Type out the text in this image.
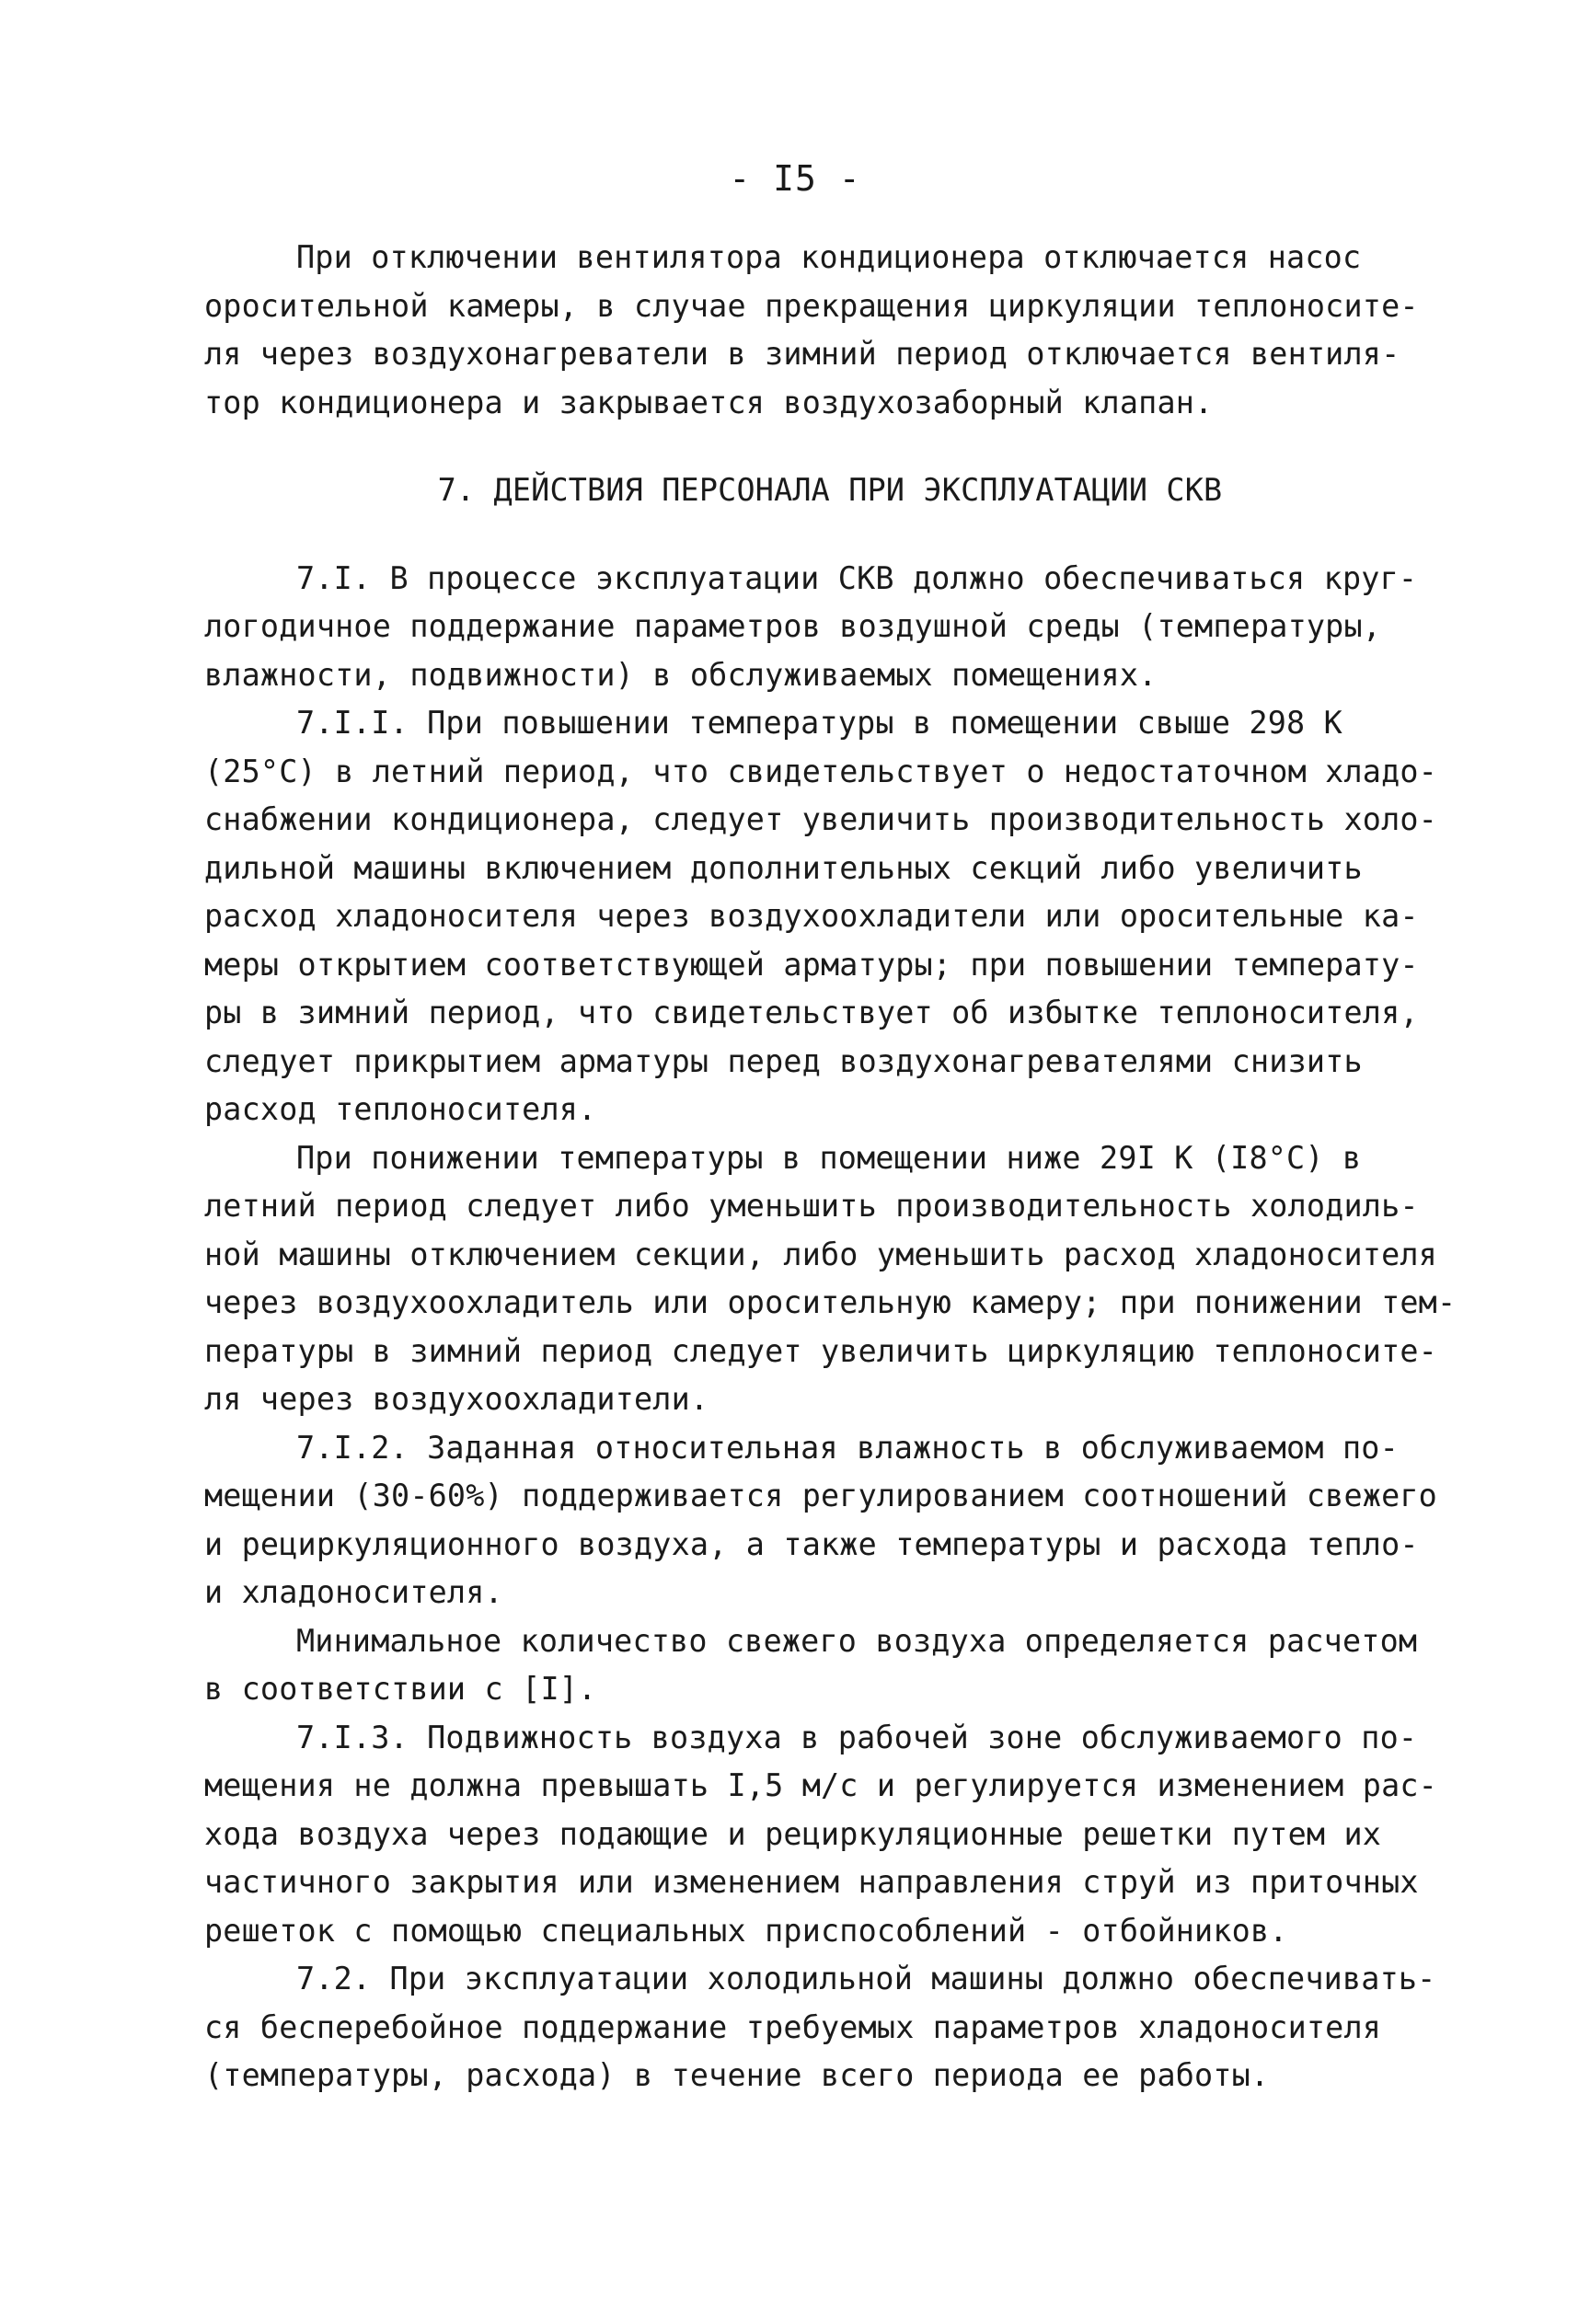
- I5 -
При отключении вентилятора кондиционера отключается насос
оросительной камеры, в случае прекращения циркуляции теплоносите-
ля через воздухонагреватели в зимний период отключается вентиля-
тор кондиционера и закрывается воздухозаборный клапан.
7. ДЕЙСТВИЯ ПЕРСОНАЛА ПРИ ЭКСПЛУАТАЦИИ СКВ
7.I. В процессе эксплуатации СКВ должно обеспечиваться круг-
логодичное поддержание параметров воздушной среды (температуры,
влажности, подвижности) в обслуживаемых помещениях.
7.I.I. При повышении температуры в помещении свыше 298 К
(25°С) в летний период, что свидетельствует о недостаточном хладо-
снабжении кондиционера, следует увеличить производительность холо-
дильной машины включением дополнительных секций либо увеличить
расход хладоносителя через воздухоохладители или оросительные ка-
меры открытием соответствующей арматуры; при повышении температу-
ры в зимний период, что свидетельствует об избытке теплоносителя,
следует прикрытием арматуры перед воздухонагревателями снизить
расход теплоносителя.
При понижении температуры в помещении ниже 29I К (I8°С) в
летний период следует либо уменьшить производительность холодиль-
ной машины отключением секции, либо уменьшить расход хладоносителя
через воздухоохладитель или оросительную камеру; при понижении тем-
пературы в зимний период следует увеличить циркуляцию теплоносите-
ля через воздухоохладители.
7.I.2. Заданная относительная влажность в обслуживаемом по-
мещении (30-60%) поддерживается регулированием соотношений свежего
и рециркуляционного воздуха, а также температуры и расхода тепло-
и хладоносителя.
Минимальное количество свежего воздуха определяется расчетом
в соответствии с [I].
7.I.3. Подвижность воздуха в рабочей зоне обслуживаемого по-
мещения не должна превышать I,5 м/с и регулируется изменением рас-
хода воздуха через подающие и рециркуляционные решетки путем их
частичного закрытия или изменением направления струй из приточных
решеток с помощью специальных приспособлений - отбойников.
7.2. При эксплуатации холодильной машины должно обеспечивать-
ся бесперебойное поддержание требуемых параметров хладоносителя
(температуры, расхода) в течение всего периода ее работы.
